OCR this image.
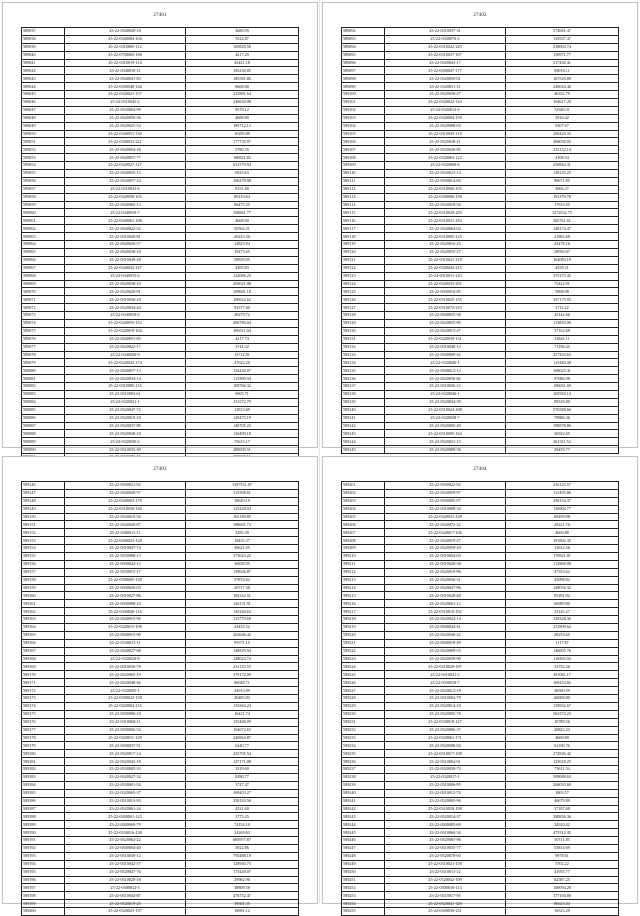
27401
589037	25-22-0340020-18	3680.95
589038	25-22-0340004-104	5522.87
589039	25-22-0310005-112	105820.58
589040	25-22-0700002-186	4217.29
589041	25-22-0310019-114	45421.18
589042	25-22-0340018-11	185230.85
589043	25-22-0340041-83	185581.86
589044	25-22-0300048-146	8668.80
589045	25-22-0320021-157	225881.64
589046	25-22-0310045-2	246630.98
589047	25-22-0330004-99	8578.12
589048	25-22-0340050-36	4688.80
589049	25-22-0320025-54	185712.13
589050	25-22-0340051-130	10295.89
589051	25-22-0340032-221	177735.97
589052	25-22-0340054-28	5780.35
589053	25-22-0340057-77	180821.82
589054	25-22-0320027-127	631579.94
589055	25-22-0340055-15	6925.63
589056	25-22-0320057-24	106278.98
589057	25-22-0310043-6	8151.80
589058	25-22-0320058-103	80210.64
589059	25-22-0340065-13	96475.35
589060	25-22-0340019-7	168861.77
589061	25-22-0340061-108	4668.90
589062	25-22-0340022-52	50562.31
589063	25-22-0310020-81	26223.36
589064	25-22-0340026-57	14823.94
589065	25-22-0340038-18	19473.65
589066	25-22-0310049-28	58839.05
589067	25-22-0340032-127	4385.83
589068	25-22-0340015-4	122086.23
589069	25-22-0320038-10	203021.08
589070	25-22-0320020-91	109681.18
589071	25-22-0310030-18	100622.62
589072	25-22-0320034-44	93577.60
589073	25-22-0340039-2	38279.72
589074	25-22-0340055-153	200780.04
589075	25-22-0320019-104	106511.04
589076	25-22-0340051-85	4217.74
589077	25-22-0320022-17	3741.32
589078	25-22-0340020-9	15712.91
589079	25-22-0320042-174	47022.20
589080	25-22-0340057-13	134430.07
589081	25-22-0320034-14	115390.94
589082	25-22-0310085-116	109766.32
589083	25-22-0310003-61	6905.71
589084	25-22-0320021-1	131572.79
589085	25-22-0320047-72	12813.69
589086	25-22-0320019-18	149475.19
589087	25-22-0320037-89	148705.22
589088	25-22-0320028-18	126409.18
589089	25-22-0320030-2	75615.17
589090	25-22-0310035-39	280009.51

27402
589092	25-22-0310037-31	574681.47
589093	25-22-0330076-2	139537.47
589094	25-22-0310022-225	218004.74
589095	25-22-0310037-167	150971.77
589096	25-22-0320043-17	217430.41
589097	25-22-0300047-177	69016.11
589098	25-22-0320050-01	167529.89
589099	25-22-0320031-11	248024.46
589100	25-22-0320030-27	46352.79
589101	25-22-0320022-124	164617.20
589102	25-22-0320012-4	72920.31
589103	25-22-0320004-159	2910.42
589104	25-22-0320088-03	9307.67
589105	25-22-0310035-118	269420.33
589106	25-22-0320028-21	468030.02
589107	25-22-0330026-85	233152.14
589108	25-22-0320063-122	4108.34
589109	25-22-0320068-6	250844.31
589110	25-22-0320023-14	138145.25
589111	25-22-0300014-60	96671.85
589112	25-22-0310060-105	4966.27
589113	25-22-0300006-158	191379.78
589114	25-22-0320018-56	17913.05
589115	25-22-0310029-259	1272532.75
589116	25-22-0310031-183	365761.61
589117	25-22-0320064-04	148174.47
589118	25-22-0310005-125	21882.68
589119	25-22-0320016-25	43478.16
589120	25-22-0320055-27	28950.07
589121	25-22-0310021-118	164083.19
589122	25-22-0320042-215	4558.21
589123	25-22-0310011-110	375275.45
589124	25-22-0320035-291	75422.91
589125	25-22-0300010-85	5968.98
589126	25-22-0310025-155	357175.93
589127	25-22-0310072-219	3711.22
589128	25-22-0300055-58	45142.66
589129	25-22-0320055-89	113830.06
589130	25-22-0320013-27	37162.68
589131	25-22-0320039-131	32841.11
589132	25-22-0310048-12	71196.24
589133	25-22-0300099-45	357293.63
589134	25-22-0320040-1	115448.48
589135	25-22-0300012-12	168025.41
589136	25-22-0320056-82	97686.98
589137	25-22-0310036-22	190061.69
589138	25-22-0320046-1	165584.14
589139	25-22-0320034-39	89319.80
589140	25-22-0310024-108	576588.66
589141	25-22-0320038-7	79886.36
589142	25-22-0320005-40	198878.86
589143	25-22-0310005-164	36922.65
589144	25-22-0320021-15	261311.52
589145	25-22-0320009-36	28459.77
27403
589146	25-22-0300021-92	1397531.07
589147	25-22-0340020-57	315398.61
589148	25-22-0340003-176	18629.19
589149	25-22-0310030-146	123228.04
589150	25-22-0320010-56	165189.85
589151	25-22-0320020-87	188691.73
589152	25-22-0300011-11	3285.39
589153	25-22-0300023-128	18435.37
589154	25-22-0310047-74	30621.05
589155	25-22-0330008-13	375623.22
589156	25-22-0300042-12	36838.05
589157	25-22-0330015-17	139636.87
589158	25-22-0300005-139	57874.62
589159	25-22-0300026-03	20717.38
589160	25-22-0310027-86	182342.51
589161	25-22-0300008-10	126131.91
589162	25-22-0340026-116	145240.63
589163	25-22-0340015-96	115779.68
589164	25-22-0320015-108	44435.52
589165	25-22-0300015-90	262646.42
589166	25-22-0330013-11	95571.15
589167	25-22-0340027-68	148829.94
589168	25-22-0320029-8	148023.72
589169	25-22-0310030-78	231135.55
589170	25-22-0320065-19	379172.09
589171	25-22-0320048-46	66048.71
589172	25-22-0320095-1	34913.09
589173	25-22-0300022-158	20485.83
589174	25-22-0320004-116	133364.24
589175	25-22-0300090-18	16421.74
589176	25-22-0310068-11	155468.09
589177	25-22-0300056-54	104672.63
589178	25-22-0320011-129	226964.87
589179	25-22-0300037-51	6440.77
589180	25-22-0320017-14	423795.54
589181	25-22-0320043-18	127171.08
589182	25-22-0330005-33	3319.60
589183	25-22-0320027-32	8280.77
589184	25-22-0330001-54	3747.47
589185	25-22-0320065-37	169403.27
589186	25-22-0310013-93	250120.56
589187	25-22-0320061-24	4521.60
589188	25-22-0300001-125	3775.25
589189	25-22-0300069-79	74154.10
589190	25-22-0330016-138	34269.63
589191	25-22-0320062-22	685957.87
589192	25-22-0300004-40	3922.86
589193	25-22-0310030-12	795488.18
589194	25-22-0310042-57	128940.75
589195	25-22-0320047-76	173448.07
589196	25-22-0310020-18	29962.96
589197	25-22-0300012-5	38809.58
589198	25-22-0310044-87	476752.47
589199	25-22-0320019-25	39581.35
589200	25-22-0320021-137	18691.12
27404
589201	25-22-0300022-92	216125.57
589202	25-22-0320059-97	131495.86
589203	25-22-0300005-07	258154.37
589204	25-22-0310008-34	136904.77
589205	25-22-0320031-129	68459.98
589206	25-22-0320072-22	28221.76
589207	25-22-0320017-106	4669.88
589208	25-22-0320019-47	191802.35
589209	25-22-0320059-20	12612.56
589210	25-22-0310054-03	170821.81
589211	25-22-0310020-38	112968.88
589212	25-22-0320019-86	47353.62
589213	25-22-0320030-31	45098.82
589214	25-22-0320047-86	148056.32
589215	25-22-0310028-48	85281.92
589216	25-22-0320061-12	66989.80
589217	25-22-0310010-192	23145.27
589218	25-22-0320024-14	128328.36
589219	25-22-0300044-41	231809.62
589220	25-22-0320046-22	28253.65
589221	25-22-0300018-49	1117.87
589222	25-22-0320009-55	146605.76
589223	25-22-0320039-90	116563.92
589224	25-22-0310020-187	33732.26
589225	25-22-0310041-2	381081.17
589226	25-22-0330018-7	169253.82
589227	25-22-0320012-18	48560.59
589228	25-22-0310002-79	66698.80
589229	25-22-0320014-18	139932.67
589230	25-22-0320005-78	563374.23
589231	25-22-0330019-127	10788.56
589232	25-22-0320006-37	20822.23
589233	25-22-0320061-171	4669.80
589234	25-22-0320008-84	61100.76
589235	25-22-0310017-108	272826.42
589236	25-22-0310004-91	123618.25
589237	25-22-0320030-70	75611.54
589238	25-22-0320017-1	399088.63
589239	25-22-0310006-95	266033.60
589240	25-22-0310012-74	1803.57
589241	25-22-0320065-96	46679.80
589242	25-22-0310029-198	37187.68
589243	25-22-0320014-37	380836.36
589244	25-22-0300085-69	34910.42
589245	25-22-0310060-34	473512.45
589246	25-22-0320001-96	30711.85
589247	25-22-0310035-77	53814.69
589248	25-22-0320078-03	9978.61
589249	25-22-0310021-158	5702.22
589250	25-22-0310011-12	41955.77
589251	25-22-0320042-109	62587.25
589252	25-22-0300016-113	100094.28
589253	25-22-0310017-95	177194.80
589254	25-22-0320041-320	86623.04
589255	25-22-0300030-231	16523.29
